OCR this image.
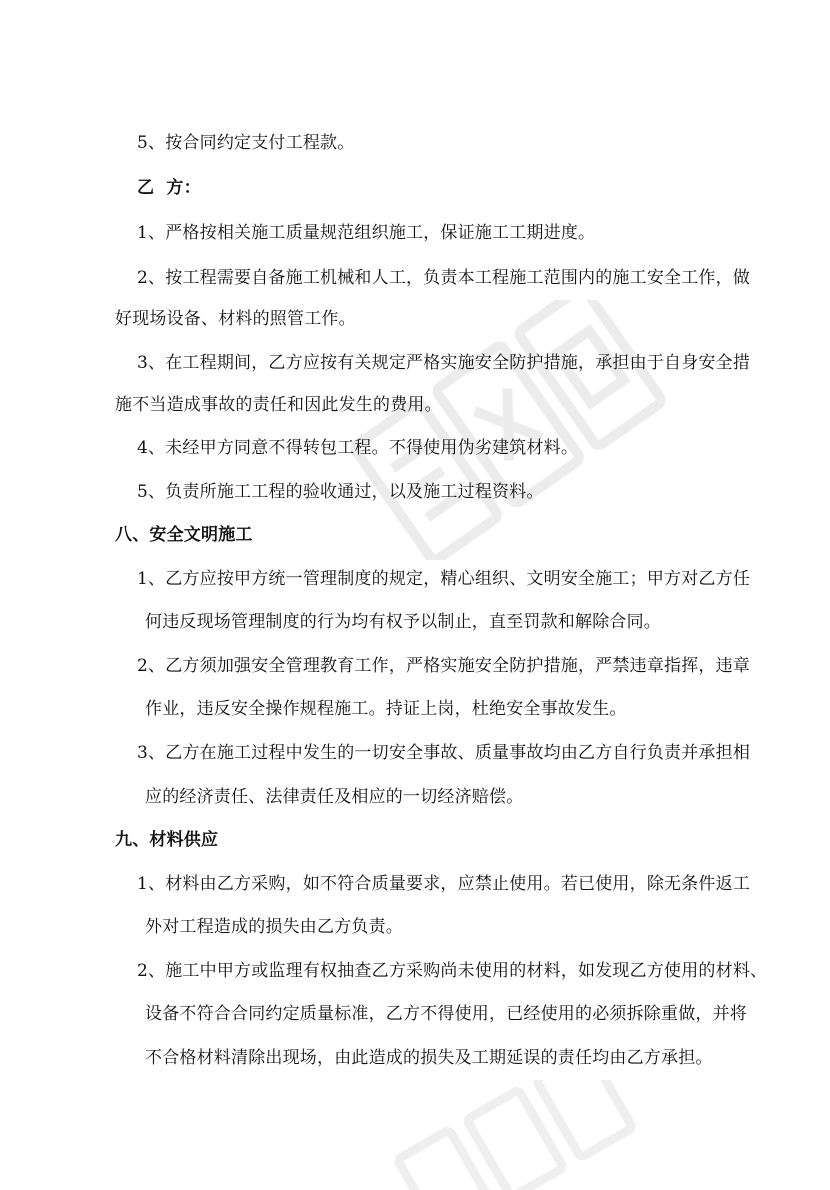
5、按合同约定支付工程款。
乙  方：
1、严格按相关施工质量规范组织施工，保证施工工期进度。
2、按工程需要自备施工机械和人工，负责本工程施工范围内的施工安全工作，做
好现场设备、材料的照管工作。
3、在工程期间，乙方应按有关规定严格实施安全防护措施，承担由于自身安全措
施不当造成事故的责任和因此发生的费用。
4、未经甲方同意不得转包工程。不得使用伪劣建筑材料。
5、负责所施工工程的验收通过，以及施工过程资料。
八、安全文明施工
1、乙方应按甲方统一管理制度的规定，精心组织、文明安全施工；甲方对乙方任
何违反现场管理制度的行为均有权予以制止，直至罚款和解除合同。
2、乙方须加强安全管理教育工作，严格实施安全防护措施，严禁违章指挥，违章
作业，违反安全操作规程施工。持证上岗，杜绝安全事故发生。
3、乙方在施工过程中发生的一切安全事故、质量事故均由乙方自行负责并承担相
应的经济责任、法律责任及相应的一切经济赔偿。
九、材料供应
1、材料由乙方采购，如不符合质量要求，应禁止使用。若已使用，除无条件返工
外对工程造成的损失由乙方负责。
2、施工中甲方或监理有权抽查乙方采购尚未使用的材料，如发现乙方使用的材料、
设备不符合合同约定质量标准，乙方不得使用，已经使用的必须拆除重做，并将
不合格材料清除出现场，由此造成的损失及工期延误的责任均由乙方承担。
